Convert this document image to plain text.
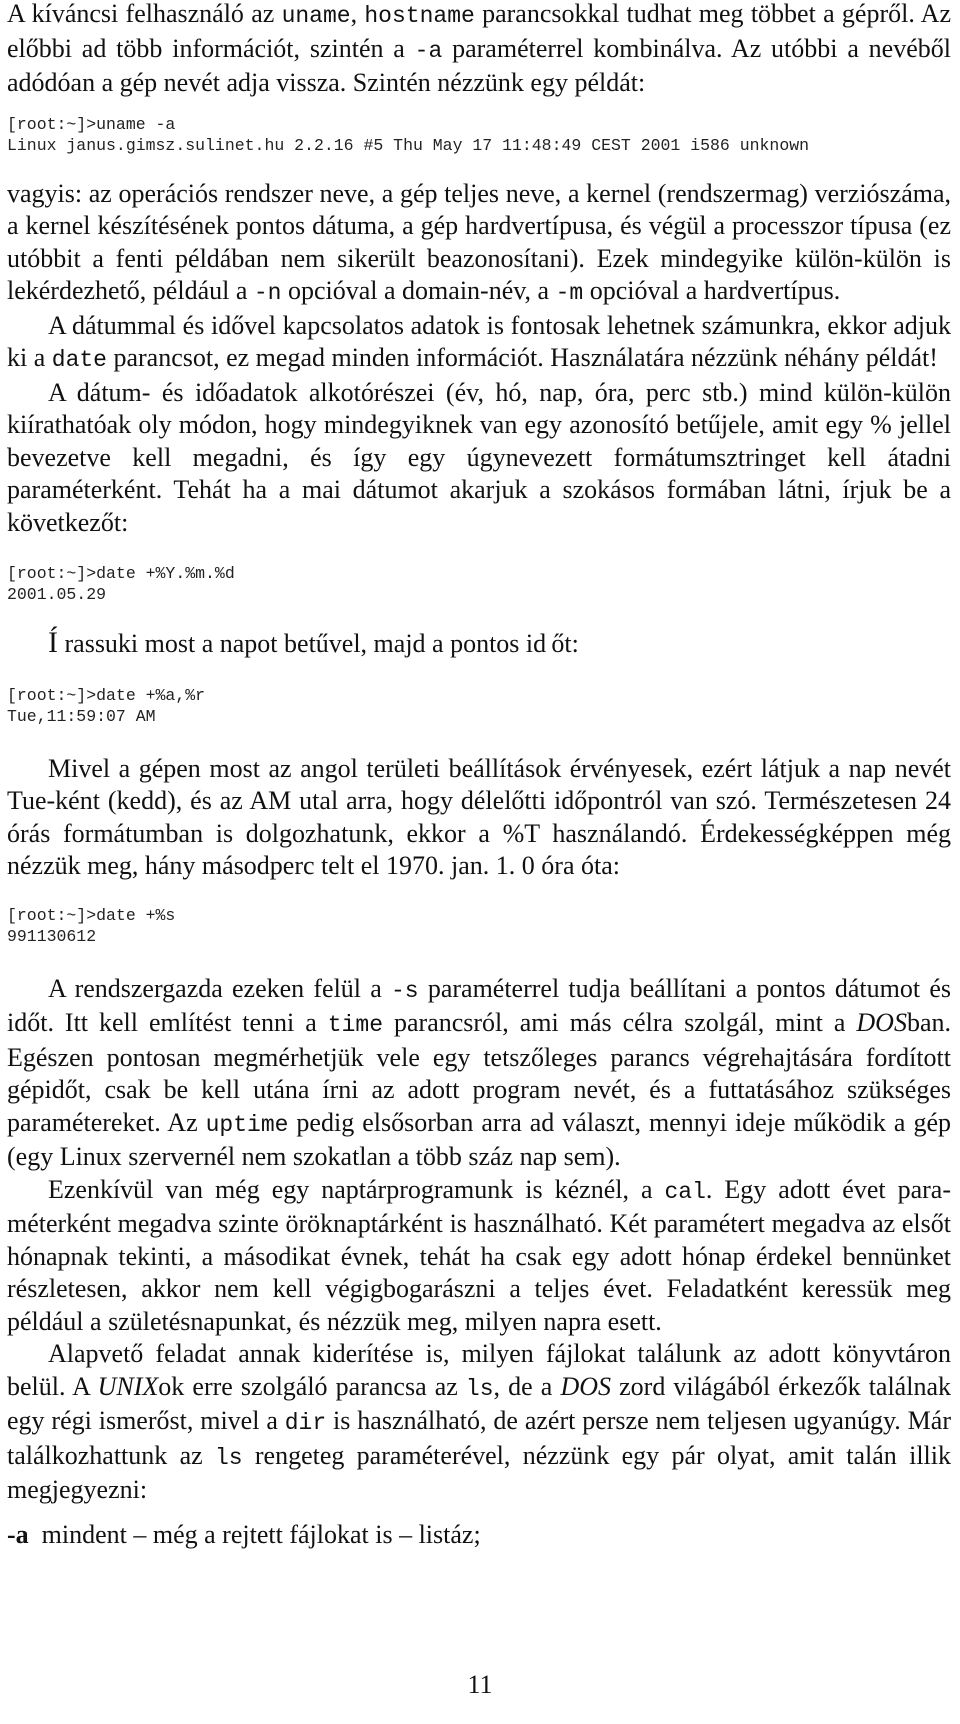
A kíváncsi felhasználó az uname, hostname parancsokkal tudhat meg többet a gépről. Az előbbi ad több információt, szintén a -a paraméterrel kombinálva. Az utóbbi a nevéből adódóan a gép nevét adja vissza. Szintén nézzünk egy példát:

[root:~]>uname -a
Linux janus.gimsz.sulinet.hu 2.2.16 #5 Thu May 17 11:48:49 CEST 2001 i586 unknown

vagyis: az operációs rendszer neve, a gép teljes neve, a kernel (rendszermag) verziószáma, a kernel készítésének pontos dátuma, a gép hardvertípusa, és végül a processzor típusa (ez utóbbit a fenti példában nem sikerült beazonosítani). Ezek mindegyike külön-külön is lekérdezhető, például a -n opcióval a domain-név, a -m opcióval a hardvertípus.

A dátummal és idővel kapcsolatos adatok is fontosak lehetnek számunkra, ekkor adjuk ki a date parancsot, ez megad minden információt. Használatára nézzünk néhány példát!

A dátum- és időadatok alkotórészei (év, hó, nap, óra, perc stb.) mind külön-külön kiírathatóak oly módon, hogy mindegyiknek van egy azonosító betűjele, amit egy % jellel bevezetve kell megadni, és így egy úgynevezett formátumsztringet kell átadni paraméterként. Tehát ha a mai dátumot akarjuk a szokásos formában látni, írjuk be a következőt:

[root:~]>date +%Y.%m.%d
2001.05.29

Í rassuki most a napot betűvel, majd a pontos id  őt:

[root:~]>date +%a,%r
Tue,11:59:07 AM

Mivel a gépen most az angol területi beállítások érvényesek, ezért látjuk a nap nevét Tue-ként (kedd), és az AM utal arra, hogy délelőtti időpontról van szó. Természetesen 24 órás formátumban is dolgozhatunk, ekkor a %T használandó. Érdekességképpen még nézzük meg, hány másodperc telt el 1970. jan. 1. 0 óra óta:

[root:~]>date +%s
991130612

A rendszergazda ezeken felül a -s paraméterrel tudja beállítani a pontos dátumot és időt. Itt kell említést tenni a time parancsról, ami más célra szolgál, mint a DOSban. Egészen pontosan megmérhetjük vele egy tetszőleges parancs végrehajtására fordított gépidőt, csak be kell utána írni az adott program nevét, és a futtatásához szükséges paramétereket. Az uptime pedig elsősorban arra ad választ, mennyi ideje működik a gép (egy Linux szervernél nem szokatlan a több száz nap sem).

Ezenkívül van még egy naptárprogramunk is kéznél, a cal. Egy adott évet paraméterként megadva szinte öröknaptárként is használható. Két paramétert megadva az elsőt hónapnak tekinti, a másodikat évnek, tehát ha csak egy adott hónap érdekel bennünket részletesen, akkor nem kell végigbogarászni a teljes évet. Feladatként keressük meg például a születésnapunkat, és nézzük meg, milyen napra esett.

Alapvető feladat annak kiderítése is, milyen fájlokat találunk az adott könyvtáron belül. A UNIXok erre szolgáló parancsa az ls, de a DOS zord világából érkezők találnak egy régi ismerőst, mivel a dir is használható, de azért persze nem teljesen ugyanúgy. Már találkozhattunk az ls rengeteg paraméterével, nézzünk egy pár olyat, amit talán illik megjegyezni:

-a mindent – még a rejtett fájlokat is – listáz;

11
